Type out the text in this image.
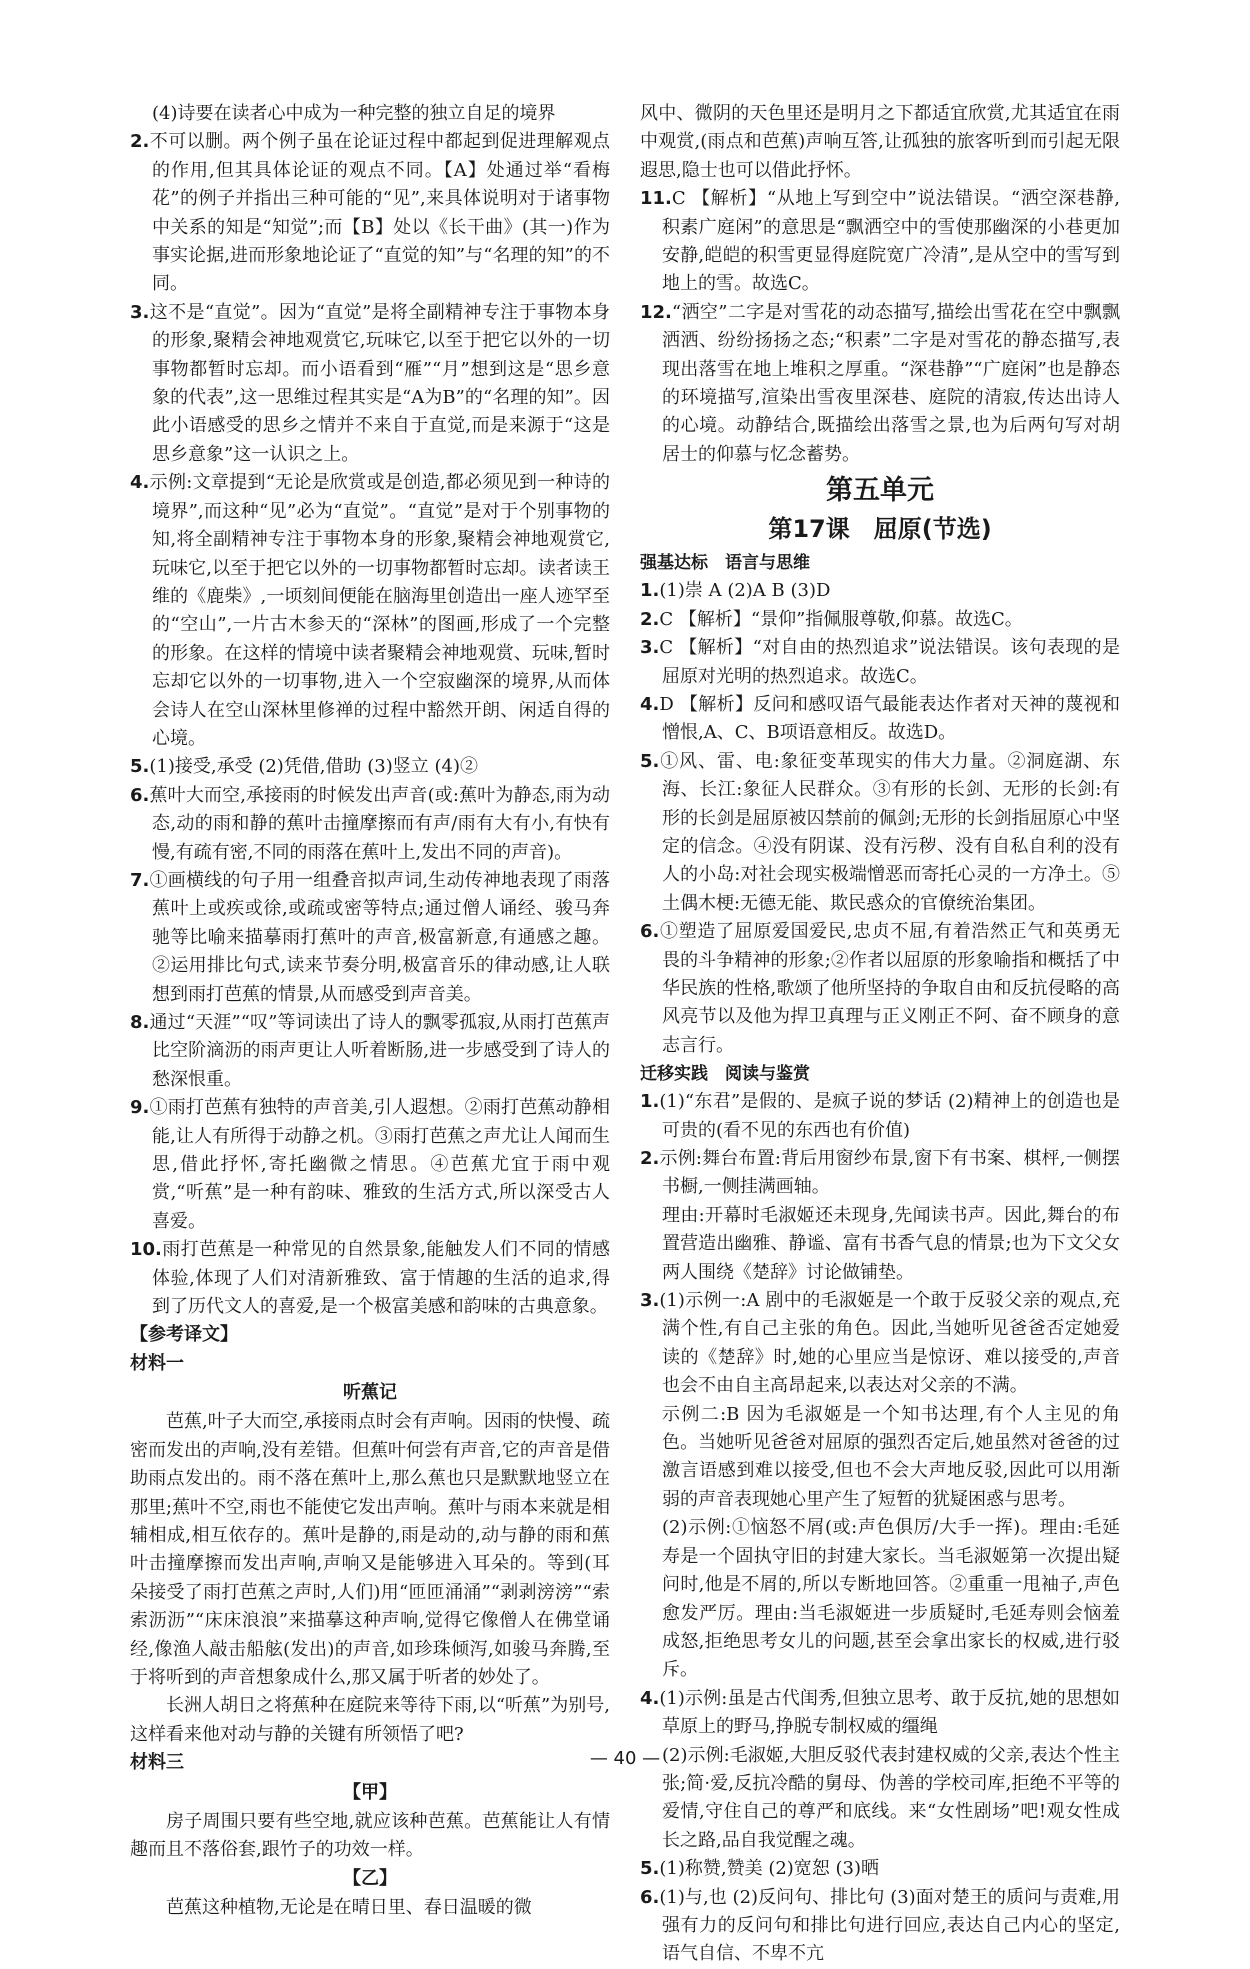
(4)诗要在读者心中成为一种完整的独立自足的境界

2.不可以删。两个例子虽在论证过程中都起到促进理解观点的作用,但其具体论证的观点不同。【A】处通过举“看梅花”的例子并指出三种可能的“见”,来具体说明对于诸事物中关系的知是“知觉”;而【B】处以《长干曲》(其一)作为事实论据,进而形象地论证了“直觉的知”与“名理的知”的不同。

3.这不是“直觉”。因为“直觉”是将全副精神专注于事物本身的形象,聚精会神地观赏它,玩味它,以至于把它以外的一切事物都暂时忘却。而小语看到“雁”“月”想到这是“思乡意象的代表”,这一思维过程其实是“A为B”的“名理的知”。因此小语感受的思乡之情并不来自于直觉,而是来源于“这是思乡意象”这一认识之上。

4.示例:文章提到“无论是欣赏或是创造,都必须见到一种诗的境界”,而这种“见”必为“直觉”。“直觉”是对于个别事物的知,将全副精神专注于事物本身的形象,聚精会神地观赏它,玩味它,以至于把它以外的一切事物都暂时忘却。读者读王维的《鹿柴》,一顷刻间便能在脑海里创造出一座人迹罕至的“空山”,一片古木参天的“深林”的图画,形成了一个完整的形象。在这样的情境中读者聚精会神地观赏、玩味,暂时忘却它以外的一切事物,进入一个空寂幽深的境界,从而体会诗人在空山深林里修禅的过程中豁然开朗、闲适自得的心境。

5.(1)接受,承受 (2)凭借,借助 (3)竖立 (4)②

6.蕉叶大而空,承接雨的时候发出声音(或:蕉叶为静态,雨为动态,动的雨和静的蕉叶击撞摩擦而有声/雨有大有小,有快有慢,有疏有密,不同的雨落在蕉叶上,发出不同的声音)。

7.①画横线的句子用一组叠音拟声词,生动传神地表现了雨落蕉叶上或疾或徐,或疏或密等特点;通过僧人诵经、骏马奔驰等比喻来描摹雨打蕉叶的声音,极富新意,有通感之趣。②运用排比句式,读来节奏分明,极富音乐的律动感,让人联想到雨打芭蕉的情景,从而感受到声音美。

8.通过“天涯”“叹”等词读出了诗人的飘零孤寂,从雨打芭蕉声比空阶滴沥的雨声更让人听着断肠,进一步感受到了诗人的愁深恨重。

9.①雨打芭蕉有独特的声音美,引人遐想。②雨打芭蕉动静相能,让人有所得于动静之机。③雨打芭蕉之声尤让人闻而生思,借此抒怀,寄托幽微之情思。④芭蕉尤宜于雨中观赏,“听蕉”是一种有韵味、雅致的生活方式,所以深受古人喜爱。

10.雨打芭蕉是一种常见的自然景象,能触发人们不同的情感体验,体现了人们对清新雅致、富于情趣的生活的追求,得到了历代文人的喜爱,是一个极富美感和韵味的古典意象。

【参考译文】

材料一

听蕉记

芭蕉,叶子大而空,承接雨点时会有声响。因雨的快慢、疏密而发出的声响,没有差错。但蕉叶何尝有声音,它的声音是借助雨点发出的。雨不落在蕉叶上,那么蕉也只是默默地竖立在那里;蕉叶不空,雨也不能使它发出声响。蕉叶与雨本来就是相辅相成,相互依存的。蕉叶是静的,雨是动的,动与静的雨和蕉叶击撞摩擦而发出声响,声响又是能够进入耳朵的。等到(耳朵接受了雨打芭蕉之声时,人们)用“匝匝涌涌”“剥剥滂滂”“索索沥沥”“床床浪浪”来描摹这种声响,觉得它像僧人在佛堂诵经,像渔人敲击船舷(发出)的声音,如珍珠倾泻,如骏马奔腾,至于将听到的声音想象成什么,那又属于听者的妙处了。

长洲人胡日之将蕉种在庭院来等待下雨,以“听蕉”为别号,这样看来他对动与静的关键有所领悟了吧?

材料三

【甲】

房子周围只要有些空地,就应该种芭蕉。芭蕉能让人有情趣而且不落俗套,跟竹子的功效一样。

【乙】

芭蕉这种植物,无论是在晴日里、春日温暖的微

风中、微阴的天色里还是明月之下都适宜欣赏,尤其适宜在雨中观赏,(雨点和芭蕉)声响互答,让孤独的旅客听到而引起无限遐思,隐士也可以借此抒怀。

11.C 【解析】“从地上写到空中”说法错误。“洒空深巷静,积素广庭闲”的意思是“飘洒空中的雪使那幽深的小巷更加安静,皑皑的积雪更显得庭院宽广冷清”,是从空中的雪写到地上的雪。故选C。

12.“洒空”二字是对雪花的动态描写,描绘出雪花在空中飘飘洒洒、纷纷扬扬之态;“积素”二字是对雪花的静态描写,表现出落雪在地上堆积之厚重。“深巷静”“广庭闲”也是静态的环境描写,渲染出雪夜里深巷、庭院的清寂,传达出诗人的心境。动静结合,既描绘出落雪之景,也为后两句写对胡居士的仰慕与忆念蓄势。

第五单元

第17课　屈原(节选)

强基达标　语言与思维

1.(1)崇 A (2)A B (3)D

2.C 【解析】“景仰”指佩服尊敬,仰慕。故选C。

3.C 【解析】“对自由的热烈追求”说法错误。该句表现的是屈原对光明的热烈追求。故选C。

4.D 【解析】反问和感叹语气最能表达作者对天神的蔑视和憎恨,A、C、B项语意相反。故选D。

5.①风、雷、电:象征变革现实的伟大力量。②洞庭湖、东海、长江:象征人民群众。③有形的长剑、无形的长剑:有形的长剑是屈原被囚禁前的佩剑;无形的长剑指屈原心中坚定的信念。④没有阴谋、没有污秽、没有自私自利的没有人的小岛:对社会现实极端憎恶而寄托心灵的一方净土。⑤土偶木梗:无德无能、欺民惑众的官僚统治集团。

6.①塑造了屈原爱国爱民,忠贞不屈,有着浩然正气和英勇无畏的斗争精神的形象;②作者以屈原的形象喻指和概括了中华民族的性格,歌颂了他所坚持的争取自由和反抗侵略的高风亮节以及他为捍卫真理与正义刚正不阿、奋不顾身的意志言行。

迁移实践　阅读与鉴赏

1.(1)“东君”是假的、是疯子说的梦话 (2)精神上的创造也是可贵的(看不见的东西也有价值)

2.示例:舞台布置:背后用窗纱布景,窗下有书案、棋枰,一侧摆书橱,一侧挂满画轴。

理由:开幕时毛淑姬还未现身,先闻读书声。因此,舞台的布置营造出幽雅、静谧、富有书香气息的情景;也为下文父女两人围绕《楚辞》讨论做铺垫。

3.(1)示例一:A 剧中的毛淑姬是一个敢于反驳父亲的观点,充满个性,有自己主张的角色。因此,当她听见爸爸否定她爱读的《楚辞》时,她的心里应当是惊讶、难以接受的,声音也会不由自主高昂起来,以表达对父亲的不满。

示例二:B 因为毛淑姬是一个知书达理,有个人主见的角色。当她听见爸爸对屈原的强烈否定后,她虽然对爸爸的过激言语感到难以接受,但也不会大声地反驳,因此可以用渐弱的声音表现她心里产生了短暂的犹疑困惑与思考。

(2)示例:①恼怒不屑(或:声色俱厉/大手一挥)。理由:毛延寿是一个固执守旧的封建大家长。当毛淑姬第一次提出疑问时,他是不屑的,所以专断地回答。②重重一甩袖子,声色愈发严厉。理由:当毛淑姬进一步质疑时,毛延寿则会恼羞成怒,拒绝思考女儿的问题,甚至会拿出家长的权威,进行驳斥。

4.(1)示例:虽是古代闺秀,但独立思考、敢于反抗,她的思想如草原上的野马,挣脱专制权威的缰绳

(2)示例:毛淑姬,大胆反驳代表封建权威的父亲,表达个性主张;简·爱,反抗冷酷的舅母、伪善的学校司库,拒绝不平等的爱情,守住自己的尊严和底线。来“女性剧场”吧!观女性成长之路,品自我觉醒之魂。

5.(1)称赞,赞美 (2)宽恕 (3)晒

6.(1)与,也 (2)反问句、排比句 (3)面对楚王的质问与责难,用强有力的反问句和排比句进行回应,表达自己内心的坚定,语气自信、不卑不亢

— 40 —
